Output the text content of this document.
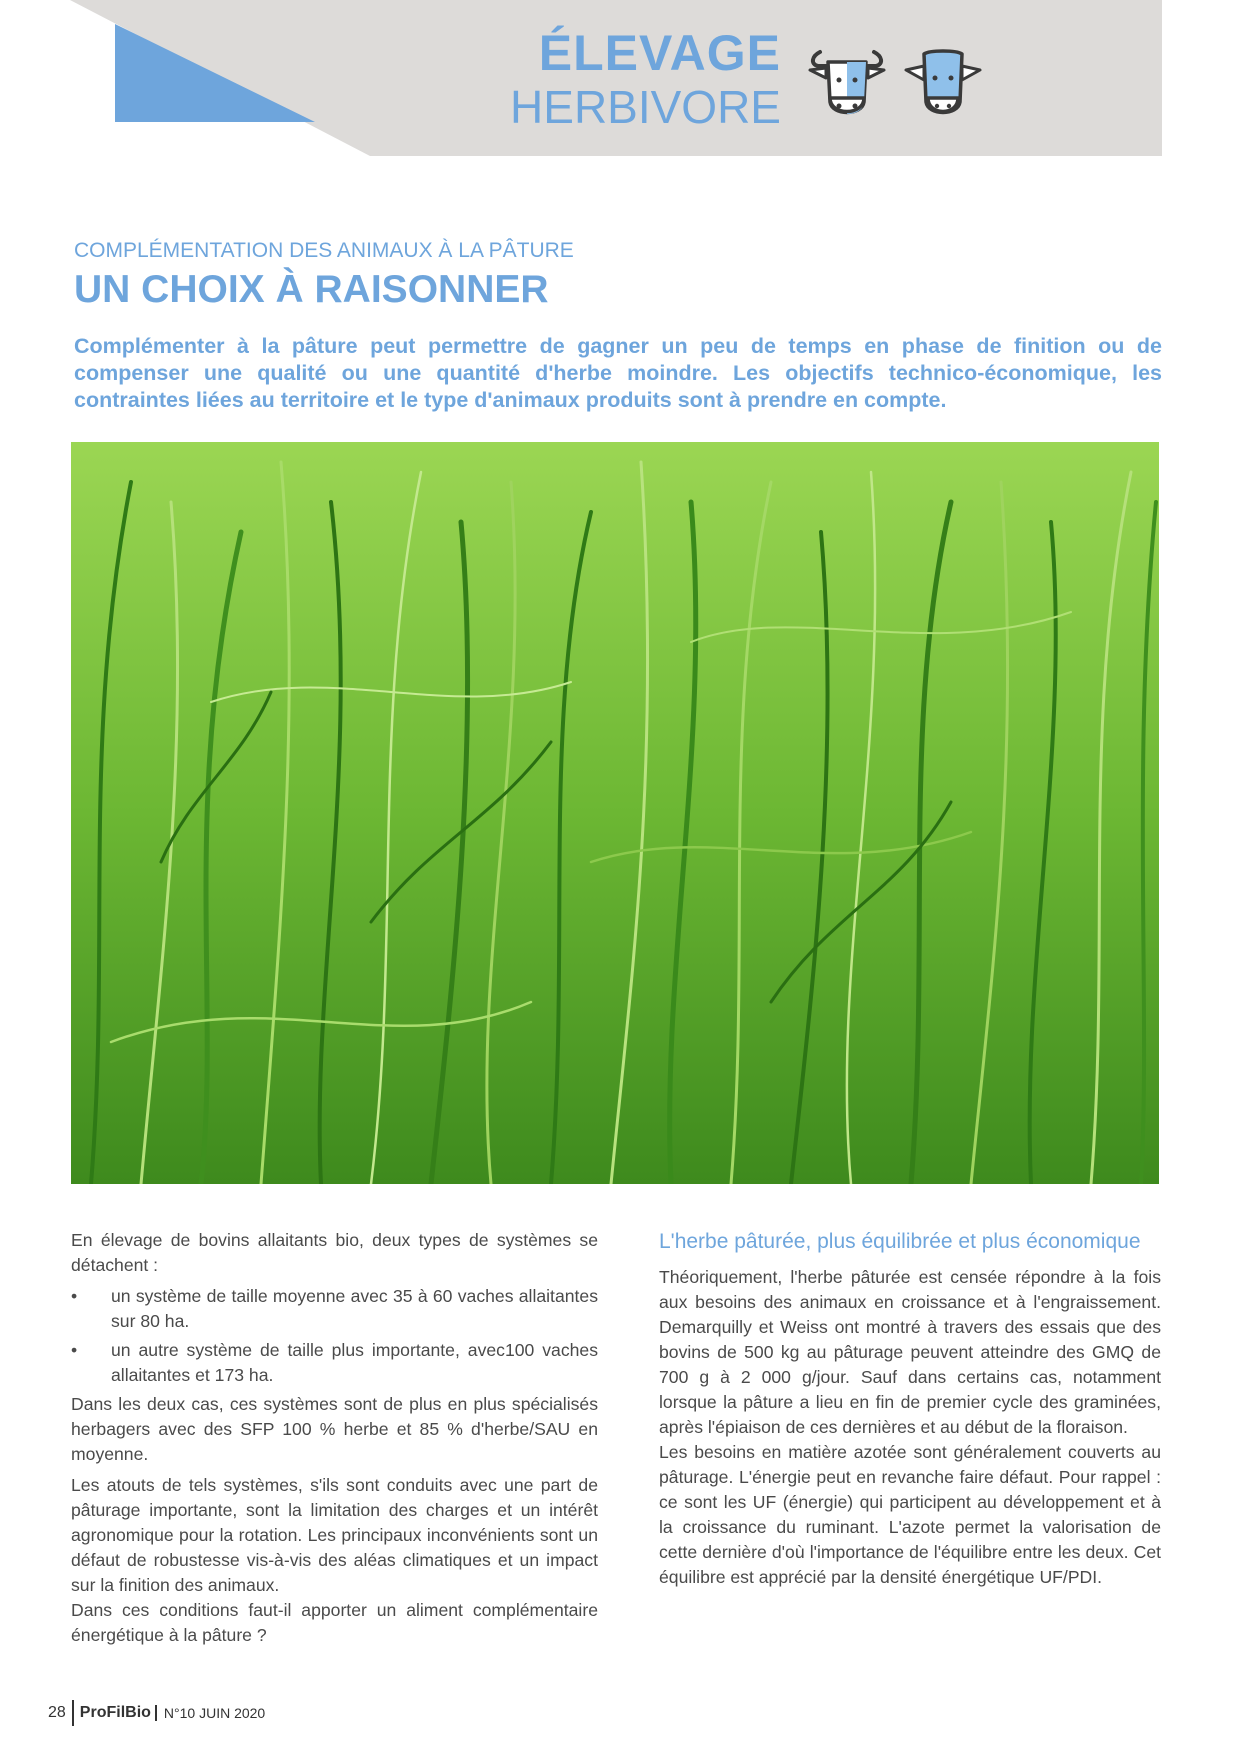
ÉLEVAGE
HERBIVORE
COMPLÉMENTATION DES ANIMAUX À LA PÂTURE
UN CHOIX À RAISONNER
Complémenter à la pâture peut permettre de gagner un peu de temps en phase de finition ou de compenser une qualité ou une quantité d'herbe moindre. Les objectifs technico-économique, les contraintes liées au territoire et le type d'animaux produits sont à prendre en compte.

En élevage de bovins allaitants bio, deux types de systèmes se détachent :

• un système de taille moyenne avec 35 à 60 vaches allaitantes sur 80 ha.
• un autre système de taille plus importante, avec100 vaches allaitantes et 173 ha.

Dans les deux cas, ces systèmes sont de plus en plus spécialisés herbagers avec des SFP 100 % herbe et 85 % d'herbe/SAU en moyenne.

Les atouts de tels systèmes, s'ils sont conduits avec une part de pâturage importante, sont la limitation des charges et un intérêt agronomique pour la rotation. Les principaux inconvénients sont un défaut de robustesse vis-à-vis des aléas climatiques et un impact sur la finition des animaux.

Dans ces conditions faut-il apporter un aliment complémentaire énergétique à la pâture ?

L'herbe pâturée, plus équilibrée et plus économique

Théoriquement, l'herbe pâturée est censée répondre à la fois aux besoins des animaux en croissance et à l'engraissement. Demarquilly et Weiss ont montré à travers des essais que des bovins de 500 kg au pâturage peuvent atteindre des GMQ de 700 g à 2 000 g/jour. Sauf dans certains cas, notamment lorsque la pâture a lieu en fin de premier cycle des graminées, après l'épiaison de ces dernières et au début de la floraison.

Les besoins en matière azotée sont généralement couverts au pâturage. L'énergie peut en revanche faire défaut. Pour rappel : ce sont les UF (énergie) qui participent au développement et à la croissance du ruminant. L'azote permet la valorisation de cette dernière d'où l'importance de l'équilibre entre les deux. Cet équilibre est apprécié par la densité énergétique UF/PDI.

28 ProFilBio N°10 JUIN 2020
